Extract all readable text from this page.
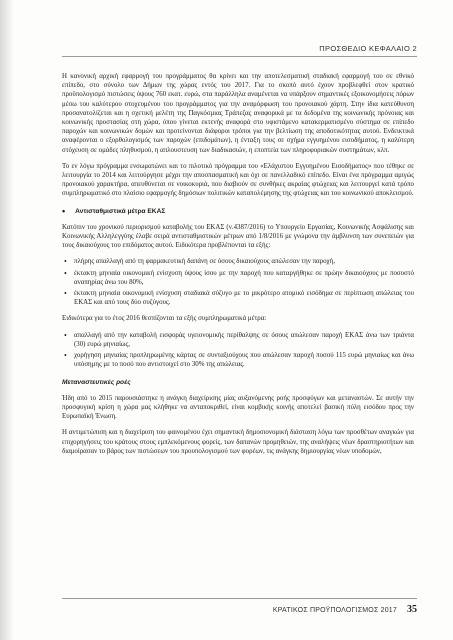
ΠΡΟΣΘΕΔΙΟ ΚΕΦΑΛΑΙΟ 2

Η κανονική αρχική εφαρμογή του προγράμματος θα κρίνει και την αποτελεσματική σταδιακή εφαρμογή του σε εθνικό επίπεδο, στο σύνολο των Δήμων της χώρας εντός του 2017. Για το σκοπό αυτό έχουν προβλεφθεί στον κρατικό προϋπολογισμό πιστώσεις ύψους 760 εκατ. ευρώ, στα παράλληλα αναμένεται να υπάρξουν σημαντικές εξοικονομήσεις πόρων μέσω του καλύτερου στοχευμένου του προγράμματος για την αναμόρφωση του προνοιακού χάρτη. Στην ίδια κατεύθυνση προσανατολίζεται και η σχετική μελέτη της Παγκόσμιας Τράπεζας αναφορικά με τα δεδομένα της κοινωνικής πρόνοιας και κοινωνικής προστασίας στη χώρα, όπου γίνεται εκτενής αναφορά στο υφιστάμενο κατακερματισμένο σύστημα σε επίπεδο παροχών και κοινωνικών δομών και προτείνονται διάφοροι τρόποι για την βελτίωση της αποδοτικότητας αυτού. Ενδεικτικά αναφέρονται ο εξορθολογισμός των παροχών (επιδομάτων), η ένταξη τους σε σχήμα εγγυημένου εισοδήματος, η καλύτερη στόχευση σε ομάδες πληθυσμού, η απλουστευση των διαδικασιών, η εποπτεία των πληροφοριακών συστημάτων, κλπ.

Το εν λόγω πρόγραμμα ενσωματώνει και το πιλοτικό πρόγραμμα του «Ελάχιστου Εγγυημένου Εισοδήματος» που τέθηκε σε λειτουργία το 2014 και λειτούργησε μέχρι την αποσπασματική και όχι σε πανελλαδικό επίπεδο. Είναι ένα πρόγραμμα αμιγώς προνοιακού χαρακτήρα, απευθύνεται σε νοικοκυριά, που διαβιούν σε συνθήκες ακραίας φτώχειας και λειτουργεί κατά τρόπο συμπληρωματικό στο πλαίσιο εφαρμογής δημόσιων πολιτικών καταπολέμησης της φτώχειας και του κοινωνικού αποκλεισμού.

• Αντισταθμιστικά μέτρα ΕΚΑΣ

Κατόπιν του χρονικού περιορισμού καταβολής του ΕΚΑΣ (ν.4387/2016) το Υπουργείο Εργασίας, Κοινωνικής Ασφάλισης και Κοινωνικής Αλληλεγγύης έλαβε σειρά αντισταθμιστικών μέτρων από 1/8/2016 με γνώμονα την άμβλυνση των συνεπειών για τους δικαιούχους του επιδόματος αυτού. Ειδικότερα προβλέπονται τα εξής:

• πλήρης απαλλαγή από τη φαρμακευτική δαπάνη σε όσους δικαιούχους απώλεσαν την παροχή,
• έκτακτη μηνιαία οικονομική ενίσχυση ύψους ίσου με την παροχή που καταργήθηκε σε πρώην δικαιούχους με ποσοστό αναπηρίας άνω του 80%,
• έκτακτη μηνιαία οικονομική ενίσχυση σταδιακά σύζυγο με το μικρότερο ατομικό εισόδημα σε περίπτωση απώλειας του ΕΚΑΣ και από τους δύο συζύγους.

Ειδικότερα για το έτος 2016 θεσπίζονται τα εξής συμπληρωματικά μέτρα:

• απαλλαγή από την καταβολή εισφοράς υγειονομικής περίθαλψης σε όσους απώλεσαν παροχή ΕΚΑΣ άνω των τριάντα (30) ευρώ μηνιαίως,
• χορήγηση μηνιαίας προπληρωμένης κάρτας σε συνταξιούχους που απώλεσαν παροχή ποσού 115 ευρώ μηνιαίως και άνω υπόσημης με το ποσό που αντιστοιχεί στο 30% της απώλειας.
Μεταναστευτικές ροές

Ήδη από το 2015 παρουσιάστηκε η ανάγκη διαχείρισης μίας αυξανόμενης ροής προσφύγων και μεταναστών. Σε αυτήν την προσφυγική κρίση η χώρα μας κλήθηκε να ανταποκριθεί, είναι κομβικής κοινής αποτελεί βασική πύλη εισόδου προς την Ευρωπαϊκή Ένωση.

Η αντιμετώπιση και η διαχείριση του φαινομένου έχει σημαντική δημοσιονομική διάσταση λόγω των προσθέτων αναγκών για επιχορηγήσεις του κράτους στους εμπλεκόμενους φορείς, των δαπανών προμηθειών, της αναλήψεις νέων δραστηριοτήτων και διαμοίρασαν το βάρος των πιστώσεων του προυπολογισμού των φορέων, τις ανάγκης δημιουργίας νέων υποδομών,

ΚΡΑΤΙΚΟΣ ΠΡΟΫΠΟΛΟΓΙΣΜΟΣ 2017 35
